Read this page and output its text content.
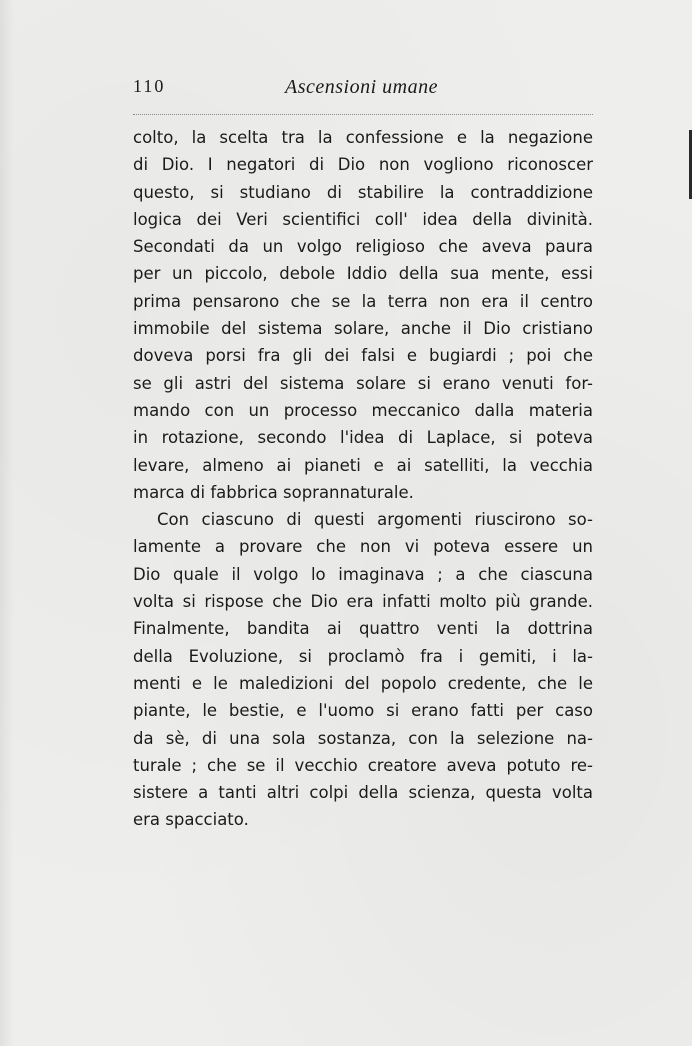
110	Ascensioni umane
colto, la scelta tra la confessione e la negazione
di Dio. I negatori di Dio non vogliono riconoscer
questo, si studiano di stabilire la contraddizione
logica dei Veri scientifici coll' idea della divinità.
Secondati da un volgo religioso che aveva paura
per un piccolo, debole Iddio della sua mente, essi
prima pensarono che se la terra non era il centro
immobile del sistema solare, anche il Dio cristiano
doveva porsi fra gli dei falsi e bugiardi ; poi che
se gli astri del sistema solare si erano venuti for-
mando con un processo meccanico dalla materia
in rotazione, secondo l'idea di Laplace, si poteva
levare, almeno ai pianeti e ai satelliti, la vecchia
marca di fabbrica soprannaturale.
Con ciascuno di questi argomenti riuscirono so-
lamente a provare che non vi poteva essere un
Dio quale il volgo lo imaginava ; a che ciascuna
volta si rispose che Dio era infatti molto più grande.
Finalmente, bandita ai quattro venti la dottrina
della Evoluzione, si proclamò fra i gemiti, i la-
menti e le maledizioni del popolo credente, che le
piante, le bestie, e l'uomo si erano fatti per caso
da sè, di una sola sostanza, con la selezione na-
turale ; che se il vecchio creatore aveva potuto re-
sistere a tanti altri colpi della scienza, questa volta
era spacciato.
